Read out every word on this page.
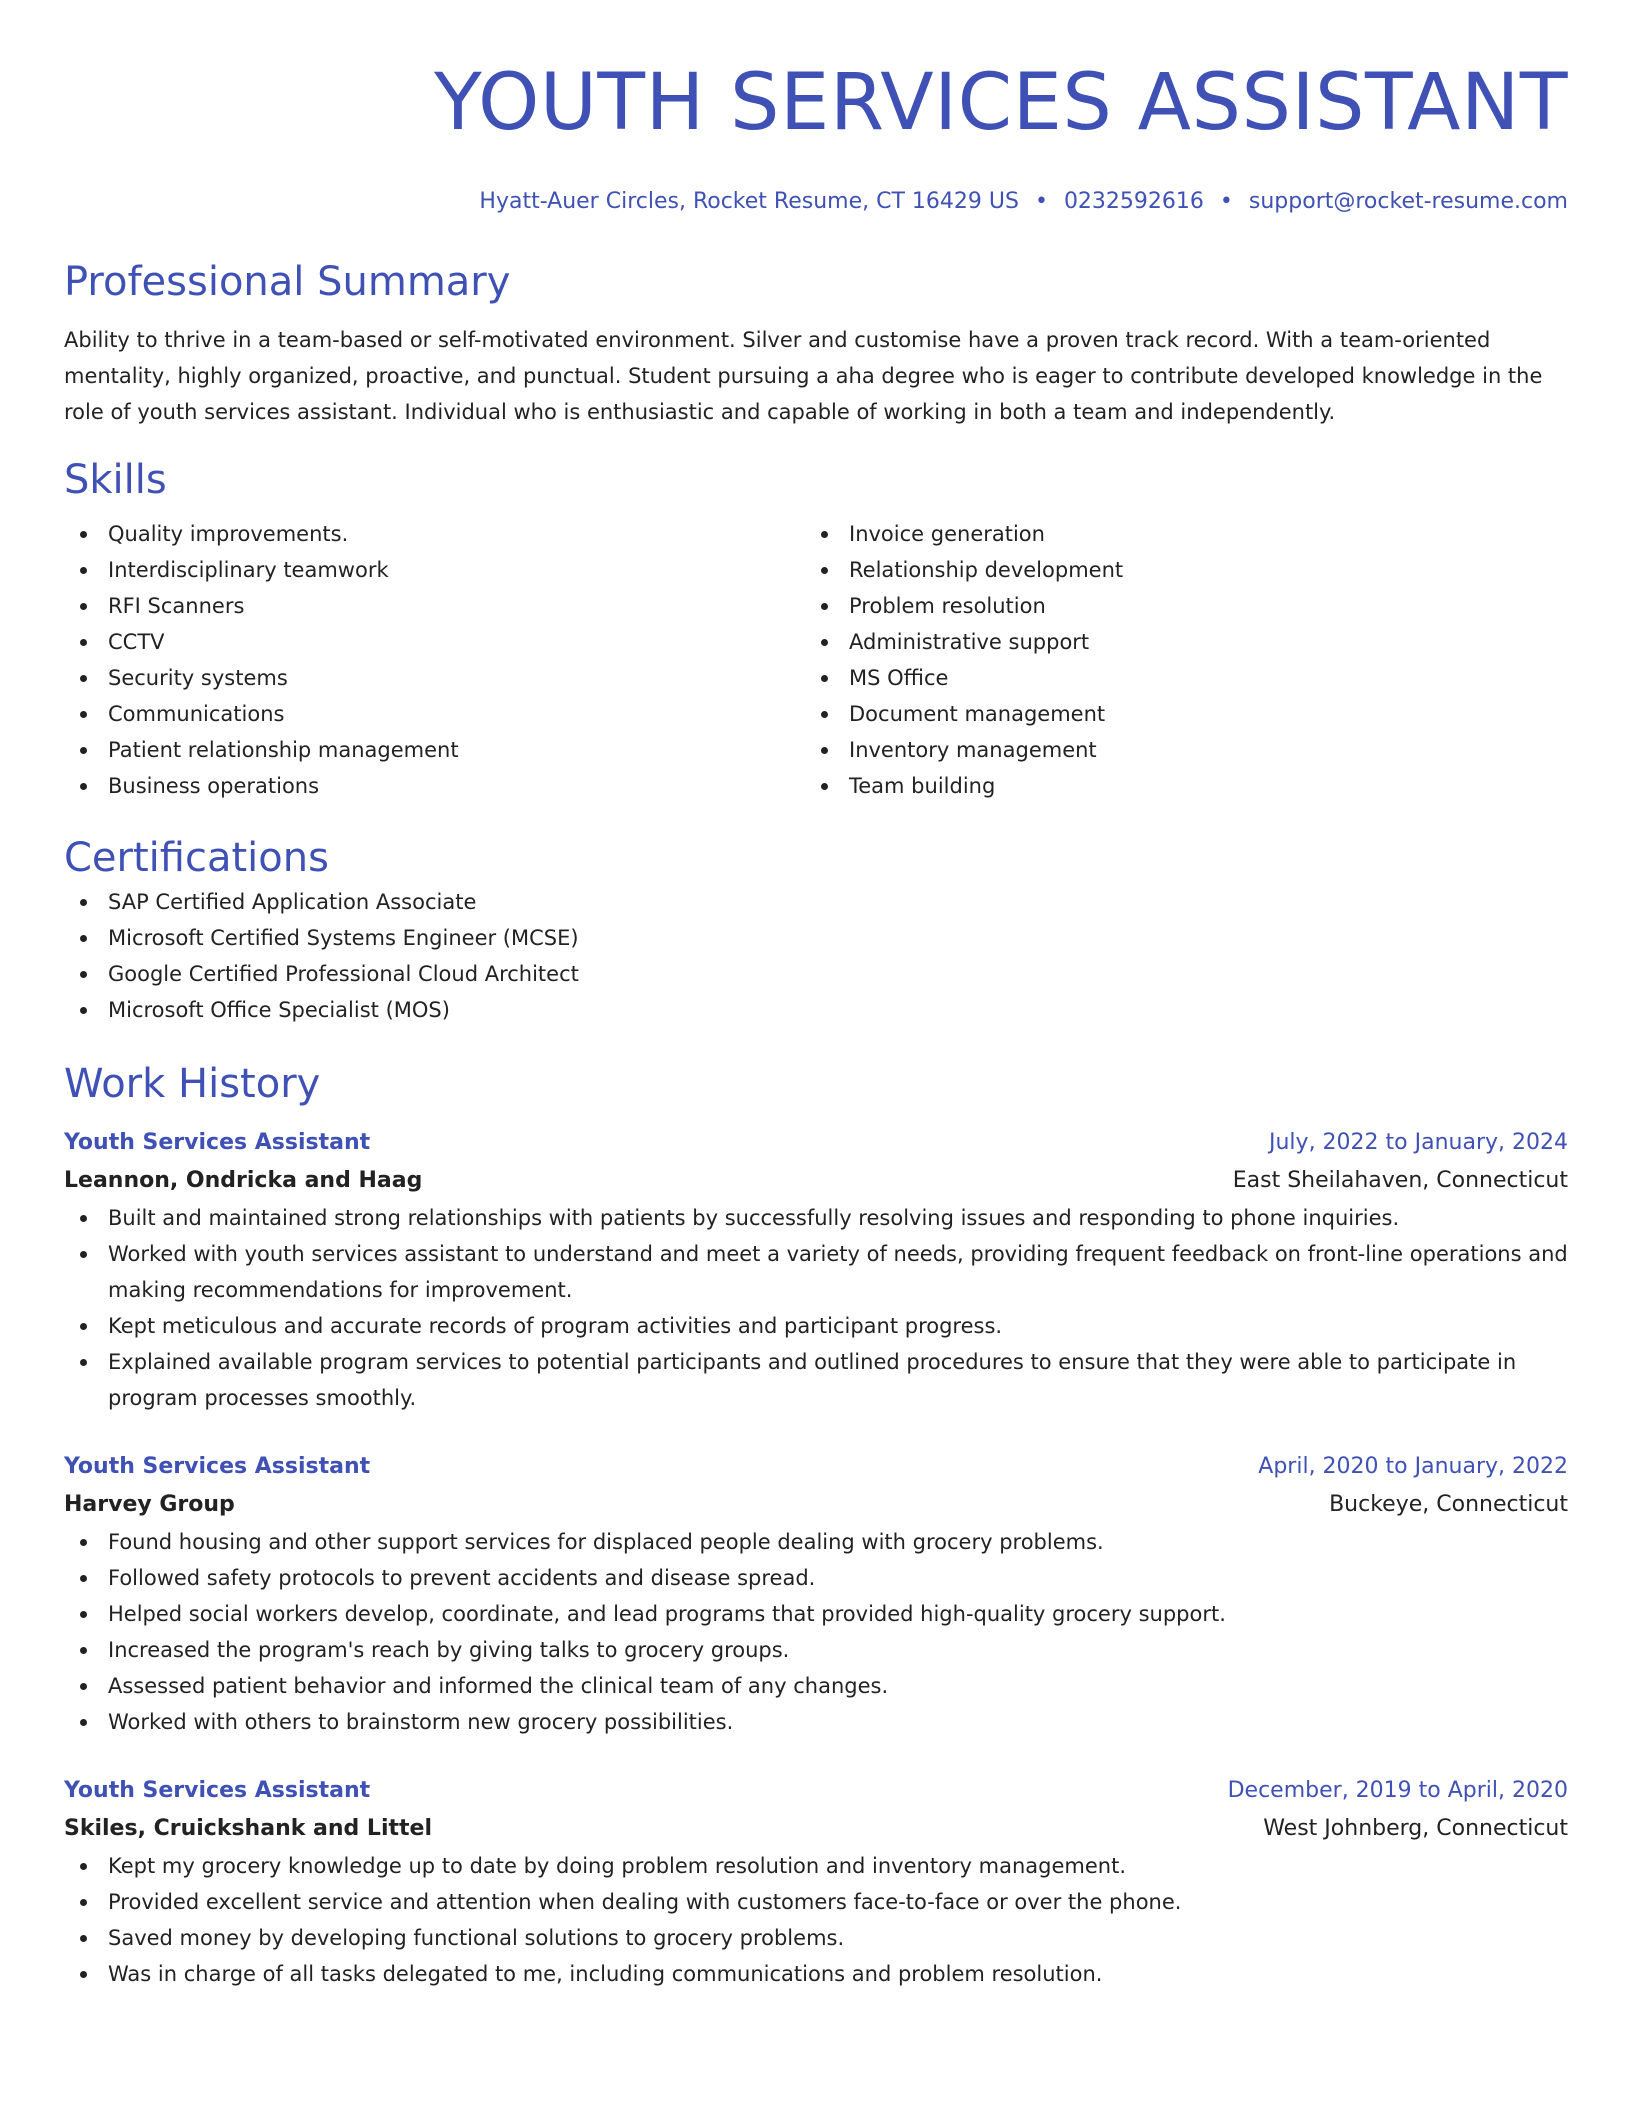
YOUTH SERVICES ASSISTANT
Hyatt-Auer Circles, Rocket Resume, CT 16429 US • 0232592616 • support@rocket-resume.com
Professional Summary

Ability to thrive in a team-based or self-motivated environment. Silver and customise have a proven track record. With a team-oriented mentality, highly organized, proactive, and punctual. Student pursuing a aha degree who is eager to contribute developed knowledge in the role of youth services assistant. Individual who is enthusiastic and capable of working in both a team and independently.

Skills
Quality improvements.
Interdisciplinary teamwork
RFI Scanners
CCTV
Security systems
Communications
Patient relationship management
Business operations
Invoice generation
Relationship development
Problem resolution
Administrative support
MS Office
Document management
Inventory management
Team building
Certifications
SAP Certified Application Associate
Microsoft Certified Systems Engineer (MCSE)
Google Certified Professional Cloud Architect
Microsoft Office Specialist (MOS)
Work History
Youth Services Assistant	July, 2022 to January, 2024
Leannon, Ondricka and Haag	East Sheilahaven, Connecticut
Built and maintained strong relationships with patients by successfully resolving issues and responding to phone inquiries.
Worked with youth services assistant to understand and meet a variety of needs, providing frequent feedback on front-line operations and making recommendations for improvement.
Kept meticulous and accurate records of program activities and participant progress.
Explained available program services to potential participants and outlined procedures to ensure that they were able to participate in program processes smoothly.
Youth Services Assistant	April, 2020 to January, 2022
Harvey Group	Buckeye, Connecticut
Found housing and other support services for displaced people dealing with grocery problems.
Followed safety protocols to prevent accidents and disease spread.
Helped social workers develop, coordinate, and lead programs that provided high-quality grocery support.
Increased the program's reach by giving talks to grocery groups.
Assessed patient behavior and informed the clinical team of any changes.
Worked with others to brainstorm new grocery possibilities.
Youth Services Assistant	December, 2019 to April, 2020
Skiles, Cruickshank and Littel	West Johnberg, Connecticut
Kept my grocery knowledge up to date by doing problem resolution and inventory management.
Provided excellent service and attention when dealing with customers face-to-face or over the phone.
Saved money by developing functional solutions to grocery problems.
Was in charge of all tasks delegated to me, including communications and problem resolution.
